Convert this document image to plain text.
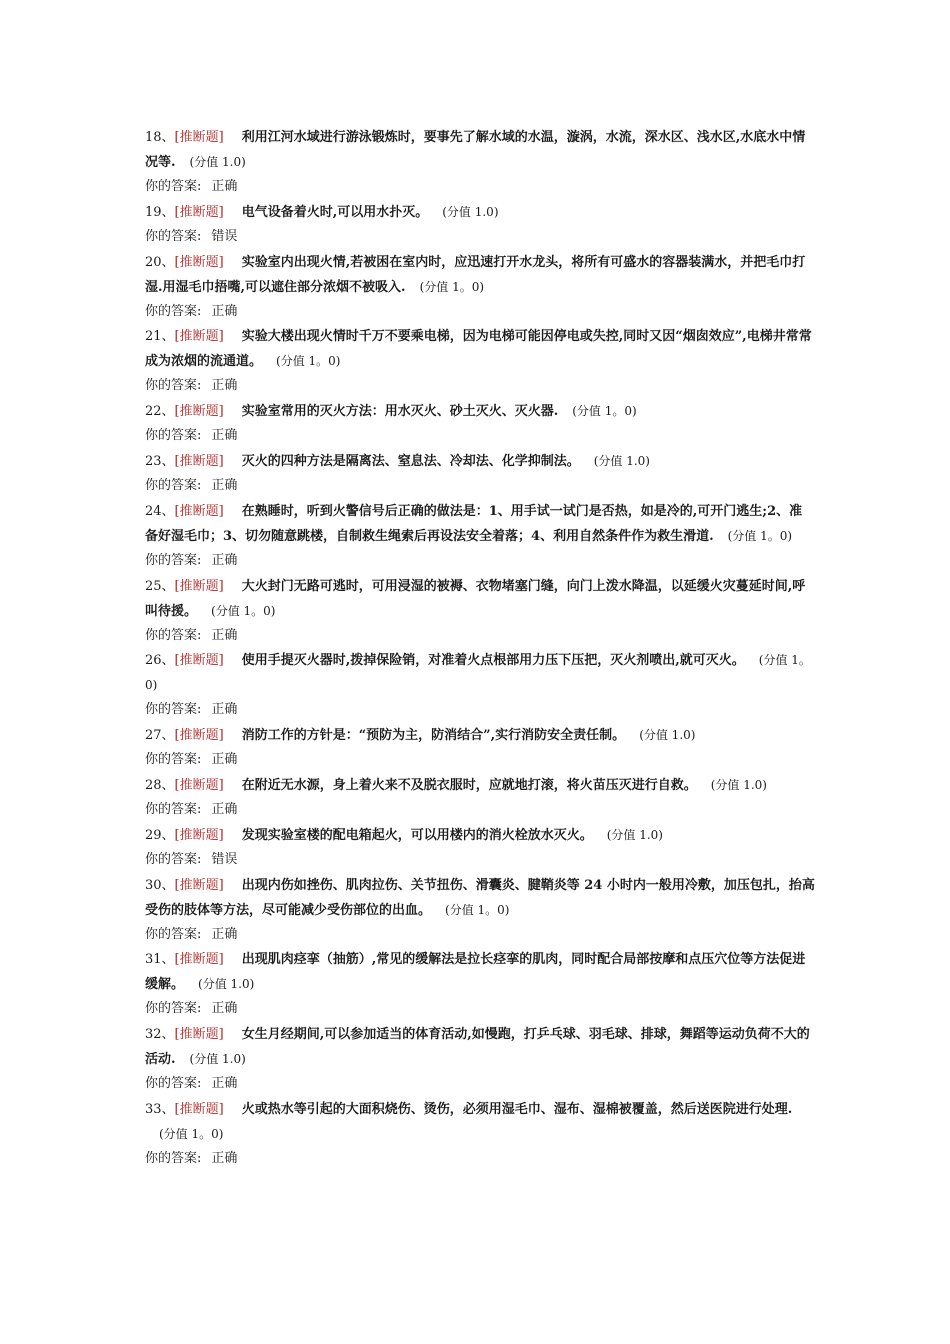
18、[推断题] 利用江河水域进行游泳锻炼时，要事先了解水域的水温，漩涡，水流，深水区、浅水区,水底水中情况等. (分值 1.0)

你的答案: 正确

19、[推断题] 电气设备着火时,可以用水扑灭。 (分值 1.0)

你的答案: 错误

20、[推断题] 实验室内出现火情,若被困在室内时，应迅速打开水龙头，将所有可盛水的容器装满水，并把毛巾打湿.用湿毛巾捂嘴,可以遮住部分浓烟不被吸入. (分值 1。0)

你的答案: 正确

21、[推断题] 实验大楼出现火情时千万不要乘电梯，因为电梯可能因停电或失控,同时又因“烟囱效应”,电梯井常常成为浓烟的流通道。 (分值 1。0)

你的答案: 正确

22、[推断题] 实验室常用的灭火方法：用水灭火、砂土灭火、灭火器. (分值 1。0)

你的答案: 正确

23、[推断题] 灭火的四种方法是隔离法、窒息法、冷却法、化学抑制法。 (分值 1.0)

你的答案: 正确

24、[推断题] 在熟睡时，听到火警信号后正确的做法是：1、用手试一试门是否热，如是冷的,可开门逃生;2、准备好湿毛巾；3、切勿随意跳楼，自制救生绳索后再设法安全着落；4、利用自然条件作为救生滑道. (分值 1。0)

你的答案: 正确

25、[推断题] 大火封门无路可逃时，可用浸湿的被褥、衣物堵塞门缝，向门上泼水降温，以延缓火灾蔓延时间,呼叫待援。 (分值 1。0)

你的答案: 正确

26、[推断题] 使用手提灭火器时,拨掉保险销，对准着火点根部用力压下压把，灭火剂喷出,就可灭火。 (分值 1。0)

你的答案: 正确

27、[推断题] 消防工作的方针是：“预防为主，防消结合”,实行消防安全责任制。 (分值 1.0)

你的答案: 正确

28、[推断题] 在附近无水源，身上着火来不及脱衣服时，应就地打滚，将火苗压灭进行自救。 (分值 1.0)

你的答案: 正确

29、[推断题] 发现实验室楼的配电箱起火，可以用楼内的消火栓放水灭火。 (分值 1.0)

你的答案: 错误

30、[推断题] 出现内伤如挫伤、肌肉拉伤、关节扭伤、滑囊炎、腱鞘炎等 24 小时内一般用冷敷，加压包扎，抬高受伤的肢体等方法，尽可能减少受伤部位的出血。 (分值 1。0)

你的答案: 正确

31、[推断题] 出现肌肉痉挛（抽筋）,常见的缓解法是拉长痉挛的肌肉，同时配合局部按摩和点压穴位等方法促进缓解。 (分值 1.0)

你的答案: 正确

32、[推断题] 女生月经期间,可以参加适当的体育活动,如慢跑，打乒乓球、羽毛球、排球，舞蹈等运动负荷不大的活动. (分值 1.0)

你的答案: 正确

33、[推断题] 火或热水等引起的大面积烧伤、烫伤，必须用湿毛巾、湿布、湿棉被覆盖，然后送医院进行处理.(分值 1。0)

你的答案: 正确
